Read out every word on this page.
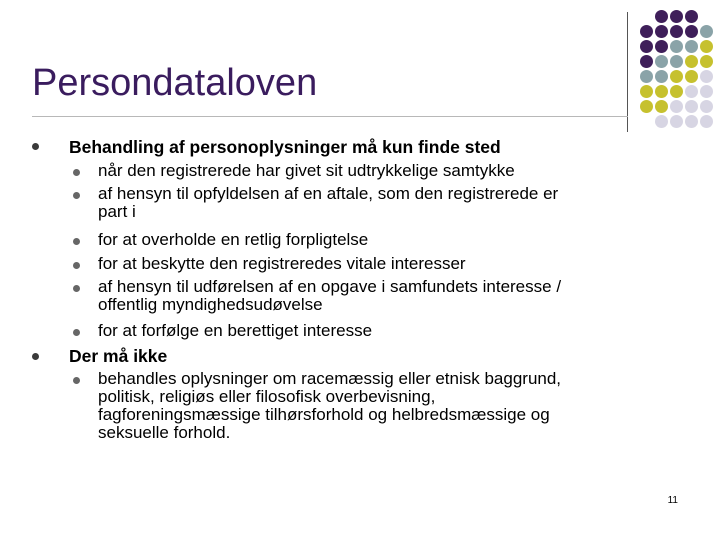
Persondataloven
Behandling af personoplysninger må kun finde sted
når den registrerede har givet sit udtrykkelige samtykke
af hensyn til opfyldelsen af en aftale, som den registrerede er
part i
for at overholde en retlig forpligtelse
for at beskytte den registreredes vitale interesser
af hensyn til udførelsen af en opgave i samfundets interesse /
offentlig myndighedsudøvelse
for at forfølge en berettiget interesse
Der må ikke
behandles oplysninger om racemæssig eller etnisk baggrund,
politisk, religiøs eller filosofisk overbevisning,
fagforeningsmæssige tilhørsforhold og helbredsmæssige og
seksuelle forhold.
11
